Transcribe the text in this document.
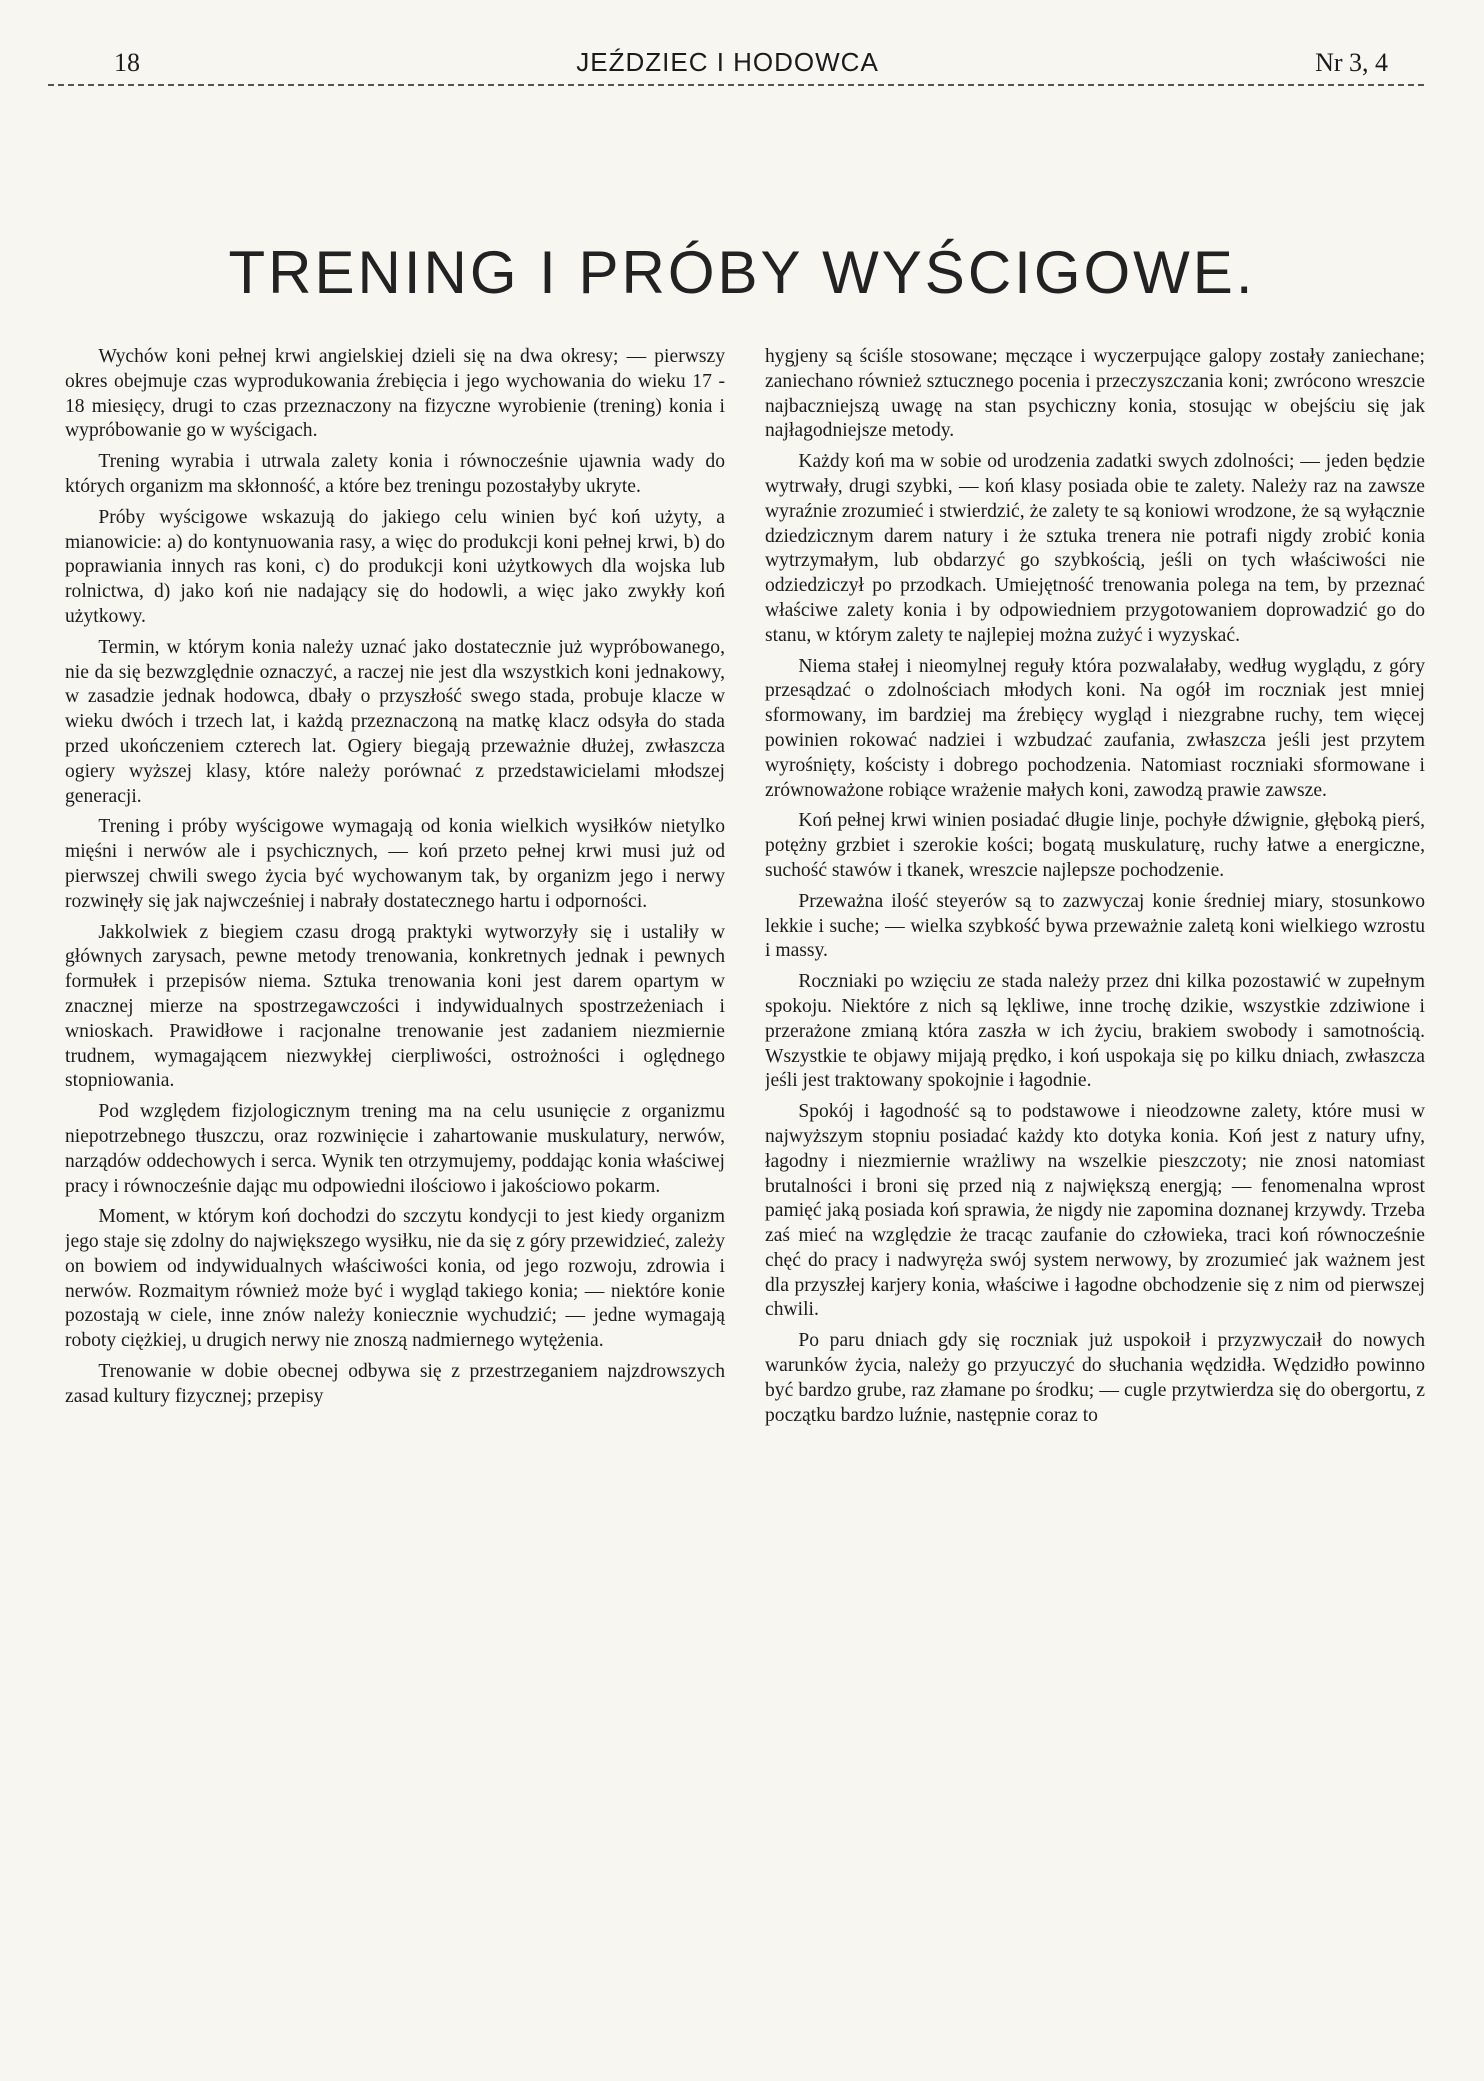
18	JEŹDZIEC I HODOWCA	Nr 3, 4
TRENING I PRÓBY WYŚCIGOWE.

Wychów koni pełnej krwi angielskiej dzieli się na dwa okresy; — pierwszy okres obejmuje czas wyprodukowania źrebięcia i jego wychowania do wieku 17 - 18 miesięcy, drugi to czas przeznaczony na fizyczne wyrobienie (trening) konia i wypróbowanie go w wyścigach.

Trening wyrabia i utrwala zalety konia i równocześnie ujawnia wady do których organizm ma skłonność, a które bez treningu pozostałyby ukryte.

Próby wyścigowe wskazują do jakiego celu winien być koń użyty, a mianowicie: a) do kontynuowania rasy, a więc do produkcji koni pełnej krwi, b) do poprawiania innych ras koni, c) do produkcji koni użytkowych dla wojska lub rolnictwa, d) jako koń nie nadający się do hodowli, a więc jako zwykły koń użytkowy.

Termin, w którym konia należy uznać jako dostatecznie już wypróbowanego, nie da się bezwzględnie oznaczyć, a raczej nie jest dla wszystkich koni jednakowy, w zasadzie jednak hodowca, dbały o przyszłość swego stada, probuje klacze w wieku dwóch i trzech lat, i każdą przeznaczoną na matkę klacz odsyła do stada przed ukończeniem czterech lat. Ogiery biegają przeważnie dłużej, zwłaszcza ogiery wyższej klasy, które należy porównać z przedstawicielami młodszej generacji.

Trening i próby wyścigowe wymagają od konia wielkich wysiłków nietylko mięśni i nerwów ale i psychicznych, — koń przeto pełnej krwi musi już od pierwszej chwili swego życia być wychowanym tak, by organizm jego i nerwy rozwinęły się jak najwcześniej i nabrały dostatecznego hartu i odporności.

Jakkolwiek z biegiem czasu drogą praktyki wytworzyły się i ustaliły w głównych zarysach, pewne metody trenowania, konkretnych jednak i pewnych formułek i przepisów niema. Sztuka trenowania koni jest darem opartym w znacznej mierze na spostrzegawczości i indywidualnych spostrzeżeniach i wnioskach. Prawidłowe i racjonalne trenowanie jest zadaniem niezmiernie trudnem, wymagającem niezwykłej cierpliwości, ostrożności i oględnego stopniowania.

Pod względem fizjologicznym trening ma na celu usunięcie z organizmu niepotrzebnego tłuszczu, oraz rozwinięcie i zahartowanie muskulatury, nerwów, narządów oddechowych i serca. Wynik ten otrzymujemy, poddając konia właściwej pracy i równocześnie dając mu odpowiedni ilościowo i jakościowo pokarm.

Moment, w którym koń dochodzi do szczytu kondycji to jest kiedy organizm jego staje się zdolny do największego wysiłku, nie da się z góry przewidzieć, zależy on bowiem od indywidualnych właściwości konia, od jego rozwoju, zdrowia i nerwów. Rozmaitym również może być i wygląd takiego konia; — niektóre konie pozostają w ciele, inne znów należy koniecznie wychudzić; — jedne wymagają roboty ciężkiej, u drugich nerwy nie znoszą nadmiernego wytężenia.

Trenowanie w dobie obecnej odbywa się z przestrzeganiem najzdrowszych zasad kultury fizycznej; przepisy

hygjeny są ściśle stosowane; męczące i wyczerpujące galopy zostały zaniechane; zaniechano również sztucznego pocenia i przeczyszczania koni; zwrócono wreszcie najbaczniejszą uwagę na stan psychiczny konia, stosując w obejściu się jak najłagodniejsze metody.

Każdy koń ma w sobie od urodzenia zadatki swych zdolności; — jeden będzie wytrwały, drugi szybki, — koń klasy posiada obie te zalety. Należy raz na zawsze wyraźnie zrozumieć i stwierdzić, że zalety te są koniowi wrodzone, że są wyłącznie dziedzicznym darem natury i że sztuka trenera nie potrafi nigdy zrobić konia wytrzymałym, lub obdarzyć go szybkością, jeśli on tych właściwości nie odziedziczył po przodkach. Umiejętność trenowania polega na tem, by przeznać właściwe zalety konia i by odpowiedniem przygotowaniem doprowadzić go do stanu, w którym zalety te najlepiej można zużyć i wyzyskać.

Niema stałej i nieomylnej reguły która pozwalałaby, według wyglądu, z góry przesądzać o zdolnościach młodych koni. Na ogół im roczniak jest mniej sformowany, im bardziej ma źrebięcy wygląd i niezgrabne ruchy, tem więcej powinien rokować nadziei i wzbudzać zaufania, zwłaszcza jeśli jest przytem wyrośnięty, kościsty i dobrego pochodzenia. Natomiast roczniaki sformowane i zrównoważone robiące wrażenie małych koni, zawodzą prawie zawsze.

Koń pełnej krwi winien posiadać długie linje, pochyłe dźwignie, głęboką pierś, potężny grzbiet i szerokie kości; bogatą muskulaturę, ruchy łatwe a energiczne, suchość stawów i tkanek, wreszcie najlepsze pochodzenie.

Przeważna ilość steyerów są to zazwyczaj konie średniej miary, stosunkowo lekkie i suche; — wielka szybkość bywa przeważnie zaletą koni wielkiego wzrostu i massy.

Roczniaki po wzięciu ze stada należy przez dni kilka pozostawić w zupełnym spokoju. Niektóre z nich są lękliwe, inne trochę dzikie, wszystkie zdziwione i przerażone zmianą która zaszła w ich życiu, brakiem swobody i samotnością. Wszystkie te objawy mijają prędko, i koń uspokaja się po kilku dniach, zwłaszcza jeśli jest traktowany spokojnie i łagodnie.

Spokój i łagodność są to podstawowe i nieodzowne zalety, które musi w najwyższym stopniu posiadać każdy kto dotyka konia. Koń jest z natury ufny, łagodny i niezmiernie wrażliwy na wszelkie pieszczoty; nie znosi natomiast brutalności i broni się przed nią z największą energją; — fenomenalna wprost pamięć jaką posiada koń sprawia, że nigdy nie zapomina doznanej krzywdy. Trzeba zaś mieć na względzie że tracąc zaufanie do człowieka, traci koń równocześnie chęć do pracy i nadwyręża swój system nerwowy, by zrozumieć jak ważnem jest dla przyszłej karjery konia, właściwe i łagodne obchodzenie się z nim od pierwszej chwili.

Po paru dniach gdy się roczniak już uspokoił i przyzwyczaił do nowych warunków życia, należy go przyuczyć do słuchania wędzidła. Wędzidło powinno być bardzo grube, raz złamane po środku; — cugle przytwierdza się do obergortu, z początku bardzo luźnie, następnie coraz to
